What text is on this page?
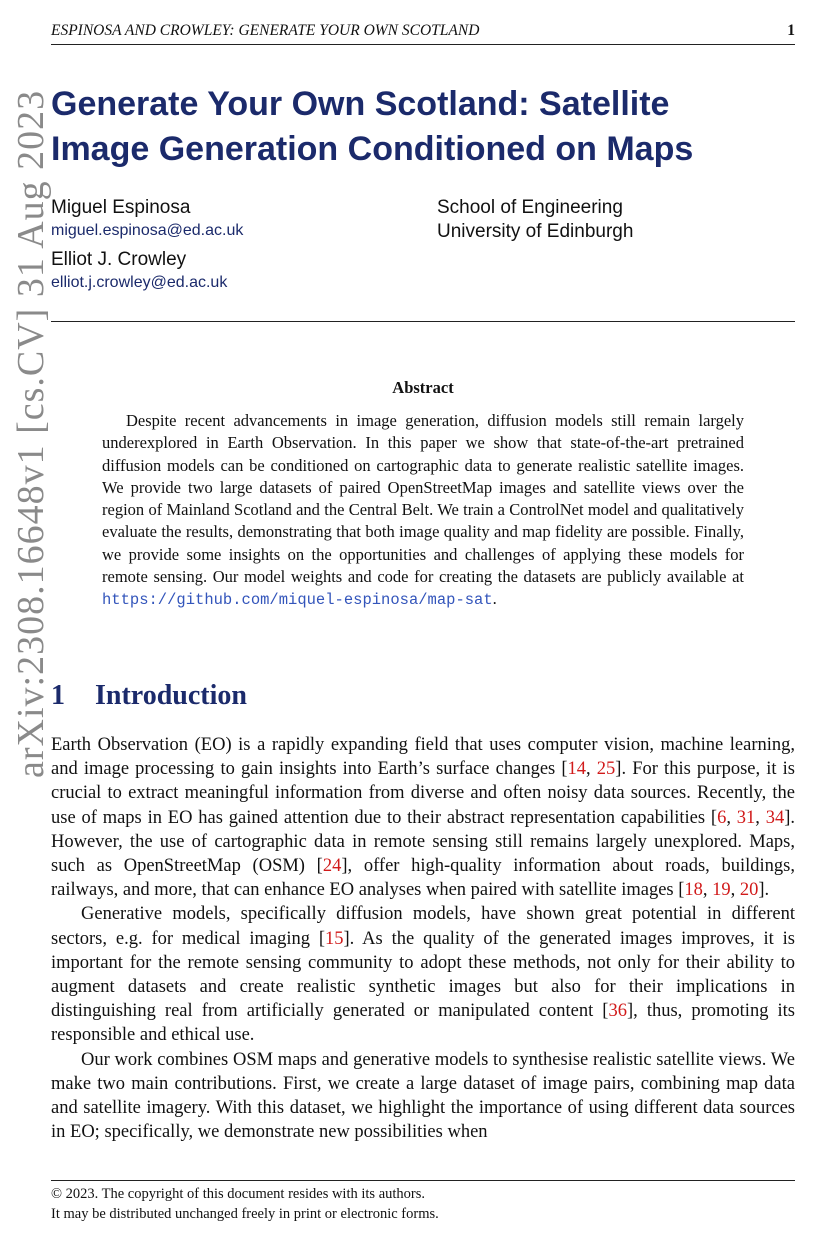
arXiv:2308.16648v1 [cs.CV] 31 Aug 2023
ESPINOSA AND CROWLEY: GENERATE YOUR OWN SCOTLAND	1
Generate Your Own Scotland: Satellite
Image Generation Conditioned on Maps
Miguel Espinosa
miguel.espinosa@ed.ac.uk
Elliot J. Crowley
elliot.j.crowley@ed.ac.uk
School of Engineering
University of Edinburgh
Abstract

Despite recent advancements in image generation, diffusion models still remain largely underexplored in Earth Observation. In this paper we show that state-of-the-art pretrained diffusion models can be conditioned on cartographic data to generate realistic satellite images. We provide two large datasets of paired OpenStreetMap images and satellite views over the region of Mainland Scotland and the Central Belt. We train a ControlNet model and qualitatively evaluate the results, demonstrating that both image quality and map fidelity are possible. Finally, we provide some insights on the opportunities and challenges of applying these models for remote sensing. Our model weights and code for creating the datasets are publicly available at https://github.com/miquel-espinosa/map-sat.

1 Introduction

Earth Observation (EO) is a rapidly expanding field that uses computer vision, machine learning, and image processing to gain insights into Earth’s surface changes [14, 25]. For this purpose, it is crucial to extract meaningful information from diverse and often noisy data sources. Recently, the use of maps in EO has gained attention due to their abstract representation capabilities [6, 31, 34]. However, the use of cartographic data in remote sensing still remains largely unexplored. Maps, such as OpenStreetMap (OSM) [24], offer high-quality information about roads, buildings, railways, and more, that can enhance EO analyses when paired with satellite images [18, 19, 20].

Generative models, specifically diffusion models, have shown great potential in different sectors, e.g. for medical imaging [15]. As the quality of the generated images improves, it is important for the remote sensing community to adopt these methods, not only for their ability to augment datasets and create realistic synthetic images but also for their implications in distinguishing real from artificially generated or manipulated content [36], thus, promoting its responsible and ethical use.

Our work combines OSM maps and generative models to synthesise realistic satellite views. We make two main contributions. First, we create a large dataset of image pairs, combining map data and satellite imagery. With this dataset, we highlight the importance of using different data sources in EO; specifically, we demonstrate new possibilities when

© 2023. The copyright of this document resides with its authors.
It may be distributed unchanged freely in print or electronic forms.
